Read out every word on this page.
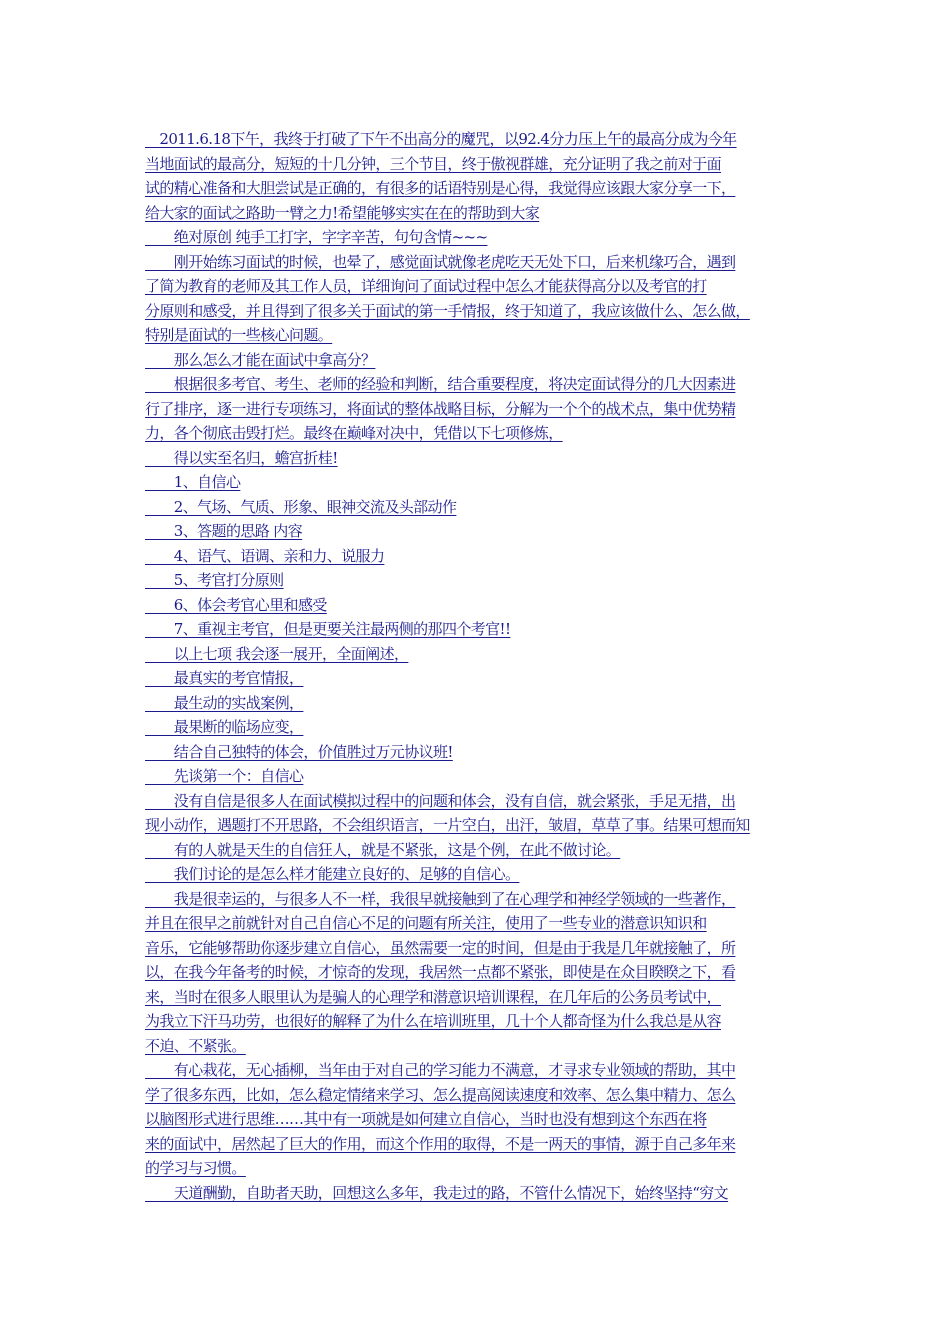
　2011.6.18下午，我终于打破了下午不出高分的魔咒，以92.4分力压上午的最高分成为今年
当地面试的最高分，短短的十几分钟，三个节目，终于傲视群雄，充分证明了我之前对于面
试的精心准备和大胆尝试是正确的，有很多的话语特别是心得，我觉得应该跟大家分享一下，
给大家的面试之路助一臂之力!希望能够实实在在的帮助到大家
　　绝对原创 纯手工打字，字字辛苦，句句含情~~~
　　刚开始练习面试的时候，也晕了，感觉面试就像老虎吃天无处下口，后来机缘巧合，遇到
了简为教育的老师及其工作人员，详细询问了面试过程中怎么才能获得高分以及考官的打
分原则和感受，并且得到了很多关于面试的第一手情报，终于知道了，我应该做什么、怎么做，
特别是面试的一些核心问题。
　　那么怎么才能在面试中拿高分？
　　根据很多考官、考生、老师的经验和判断，结合重要程度，将决定面试得分的几大因素进
行了排序，逐一进行专项练习，将面试的整体战略目标，分解为一个个的战术点，集中优势精
力，各个彻底击毁打烂。最终在巅峰对决中，凭借以下七项修炼，
　　得以实至名归，蟾宫折桂!
　　1、自信心
　　2、气场、气质、形象、眼神交流及头部动作
　　3、答题的思路 内容
　　4、语气、语调、亲和力、说服力
　　5、考官打分原则
　　6、体会考官心里和感受
　　7、重视主考官，但是更要关注最两侧的那四个考官!!
　　以上七项 我会逐一展开，全面阐述，
　　最真实的考官情报，
　　最生动的实战案例，
　　最果断的临场应变，
　　结合自己独特的体会，价值胜过万元协议班!
　　先谈第一个：自信心
　　没有自信是很多人在面试模拟过程中的问题和体会，没有自信，就会紧张，手足无措，出
现小动作，遇题打不开思路，不会组织语言，一片空白，出汗，皱眉，草草了事。结果可想而知
　　有的人就是天生的自信狂人，就是不紧张，这是个例，在此不做讨论。
　　我们讨论的是怎么样才能建立良好的、足够的自信心。
　　我是很幸运的，与很多人不一样，我很早就接触到了在心理学和神经学领域的一些著作，
并且在很早之前就针对自己自信心不足的问题有所关注，使用了一些专业的潜意识知识和
音乐，它能够帮助你逐步建立自信心，虽然需要一定的时间，但是由于我是几年就接触了，所
以，在我今年备考的时候，才惊奇的发现，我居然一点都不紧张，即使是在众目睽睽之下，看
来，当时在很多人眼里认为是骗人的心理学和潜意识培训课程，在几年后的公务员考试中，
为我立下汗马功劳，也很好的解释了为什么在培训班里，几十个人都奇怪为什么我总是从容
不迫、不紧张。
　　有心栽花，无心插柳，当年由于对自己的学习能力不满意，才寻求专业领域的帮助，其中
学了很多东西，比如，怎么稳定情绪来学习、怎么提高阅读速度和效率、怎么集中精力、怎么
以脑图形式进行思维……其中有一项就是如何建立自信心，当时也没有想到这个东西在将
来的面试中，居然起了巨大的作用，而这个作用的取得，不是一两天的事情，源于自己多年来
的学习与习惯。
　　天道酬勤，自助者天助，回想这么多年，我走过的路，不管什么情况下，始终坚持“穷文
